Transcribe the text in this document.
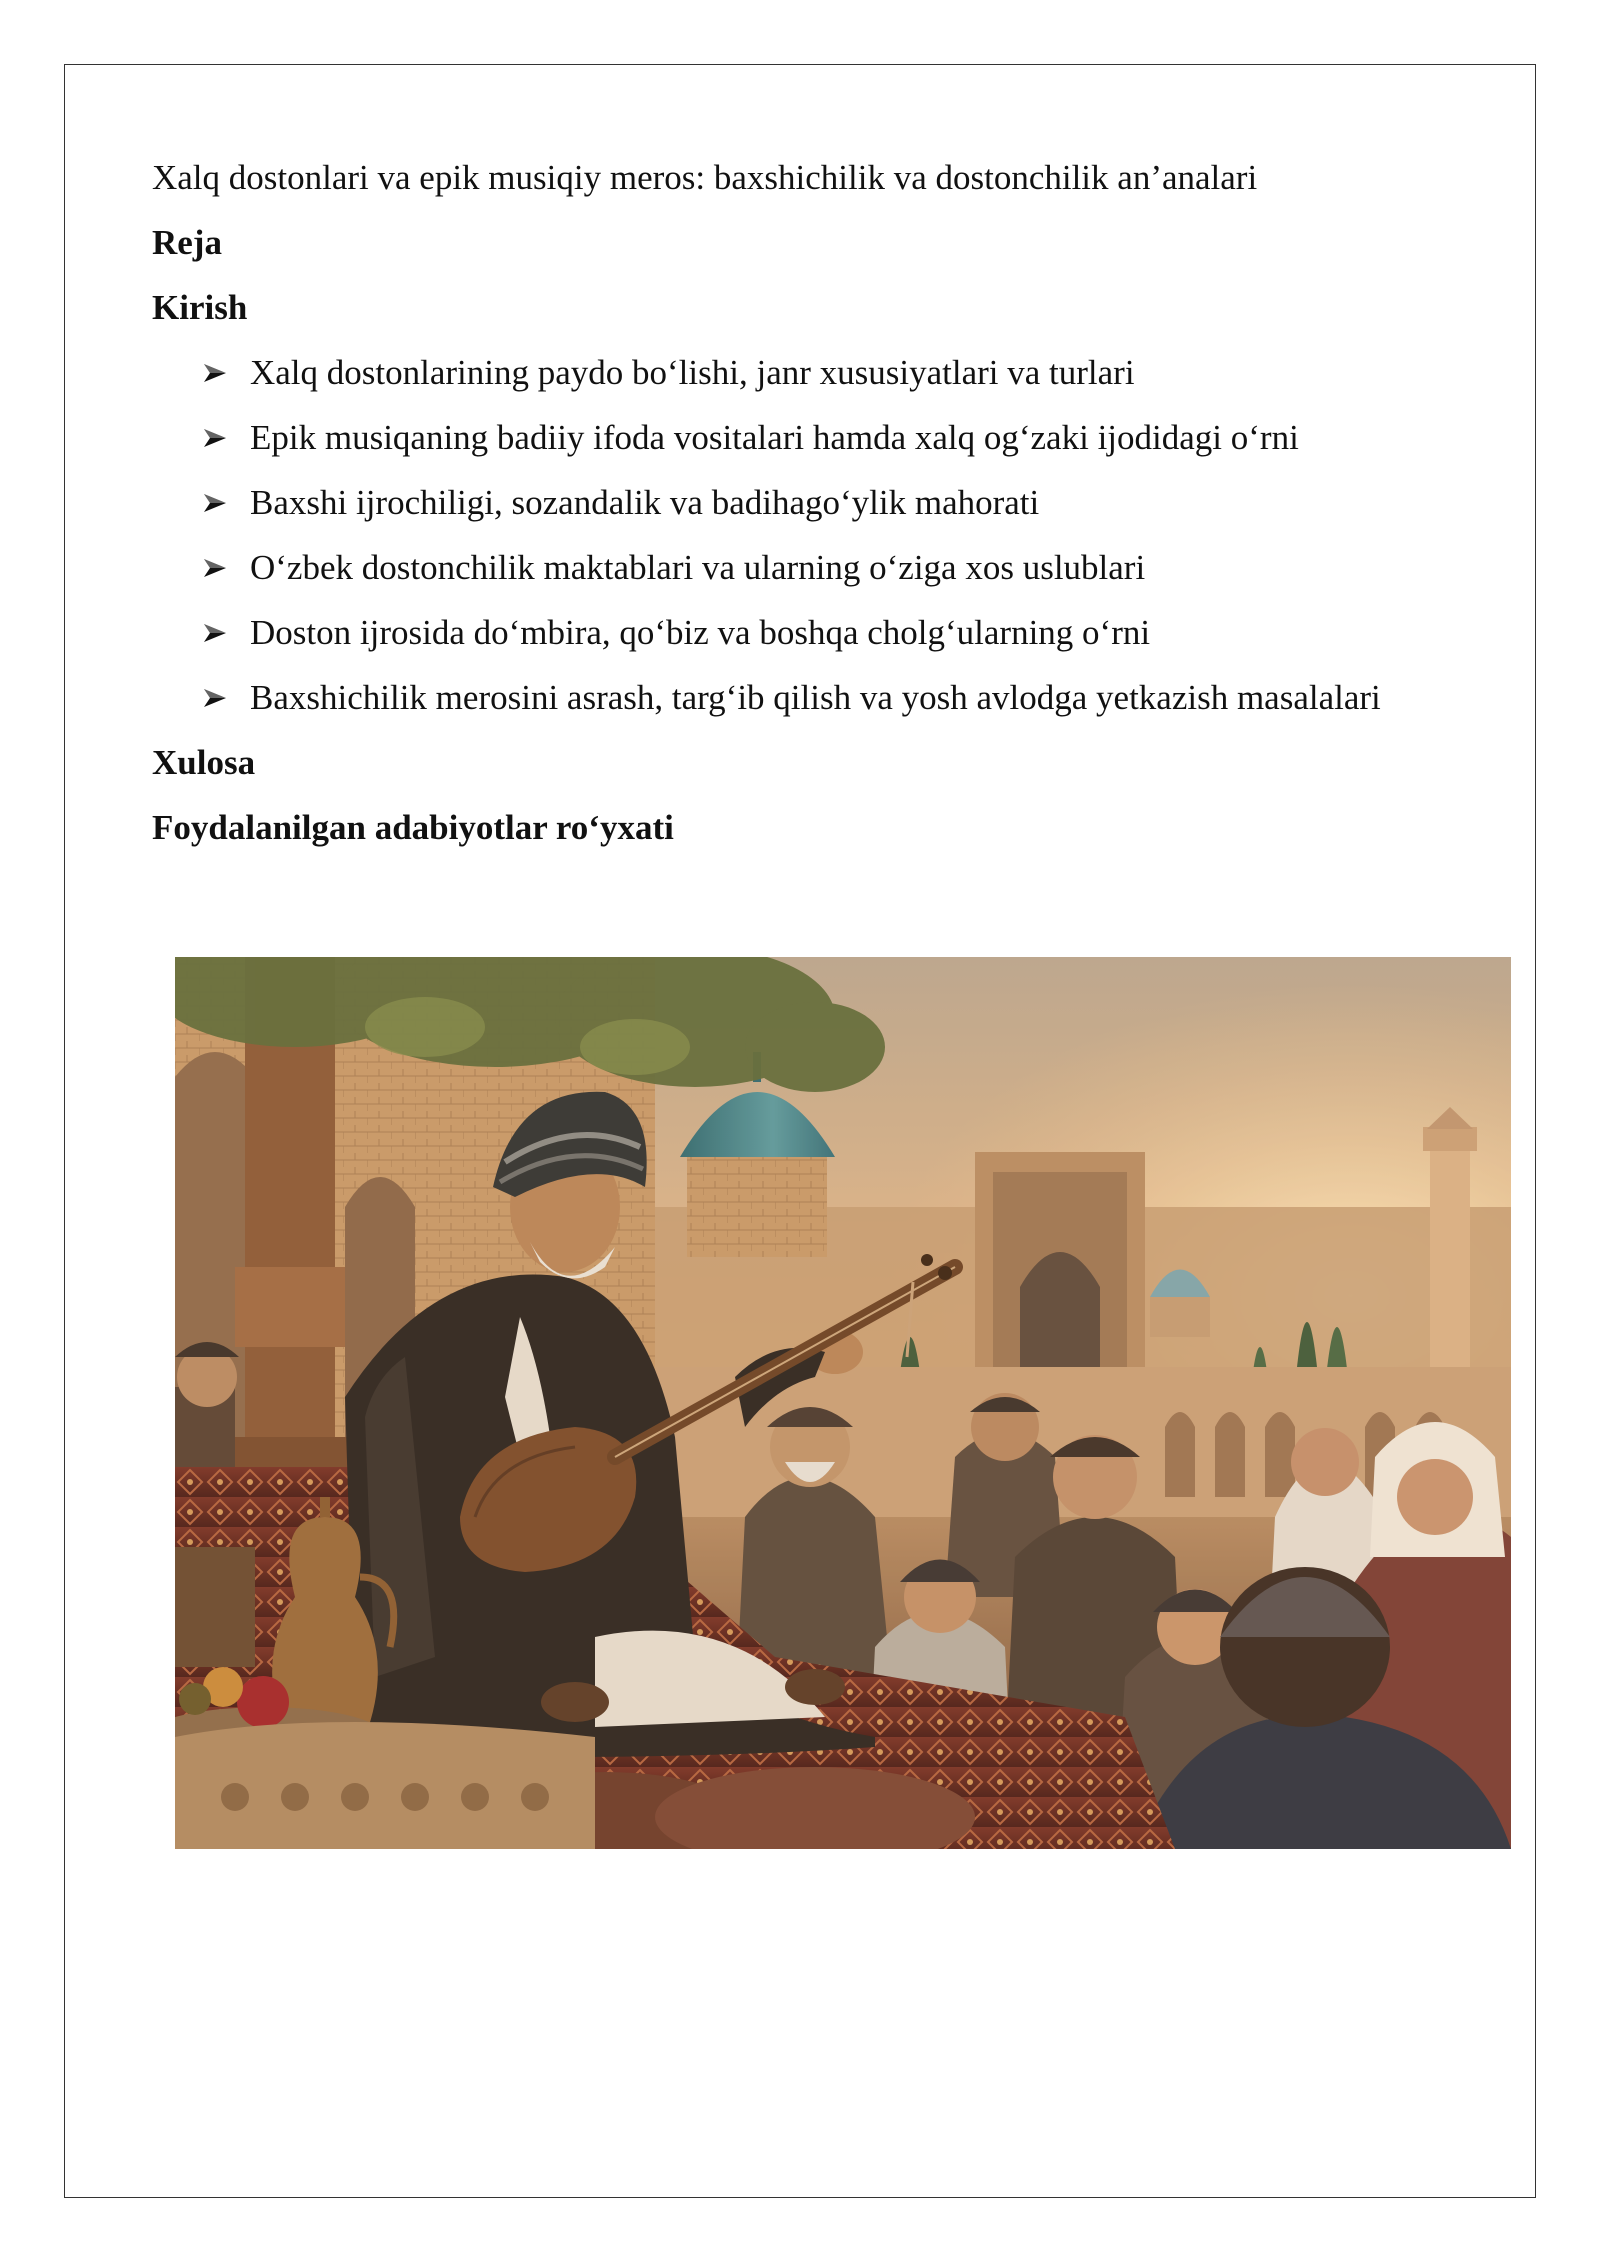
Xalq dostonlari va epik musiqiy meros: baxshichilik va dostonchilik an’analari
Reja
Kirish
Xalq dostonlarining paydo bo‘lishi, janr xususiyatlari va turlari
Epik musiqaning badiiy ifoda vositalari hamda xalq og‘zaki ijodidagi o‘rni
Baxshi ijrochiligi, sozandalik va badihago‘ylik mahorati
O‘zbek dostonchilik maktablari va ularning o‘ziga xos uslublari
Doston ijrosida do‘mbira, qo‘biz va boshqa cholg‘ularning o‘rni
Baxshichilik merosini asrash, targ‘ib qilish va yosh avlodga yetkazish masalalari
Xulosa
Foydalanilgan adabiyotlar ro‘yxati
